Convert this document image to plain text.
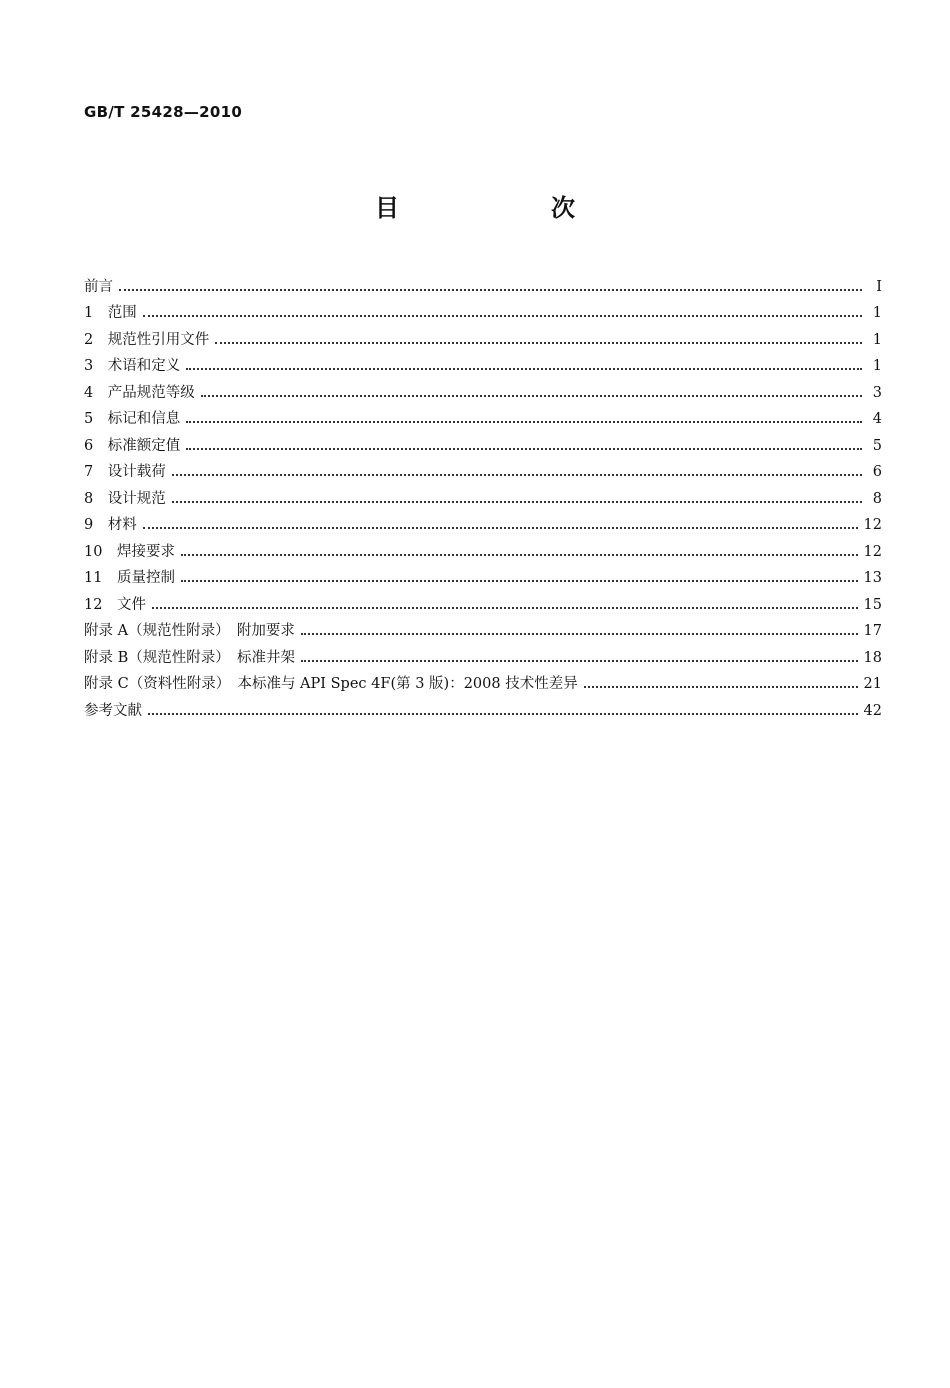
GB/T 25428—2010
目　次
前言	Ⅰ
1　范围	1
2　规范性引用文件	1
3　术语和定义	1
4　产品规范等级	3
5　标记和信息	4
6　标准额定值	5
7　设计载荷	6
8　设计规范	8
9　材料	12
10　焊接要求	12
11　质量控制	13
12　文件	15
附录 A（规范性附录）　附加要求	17
附录 B（规范性附录）　标准井架	18
附录 C（资料性附录）　本标准与 API Spec 4F(第 3 版)：2008 技术性差异	21
参考文献	42
